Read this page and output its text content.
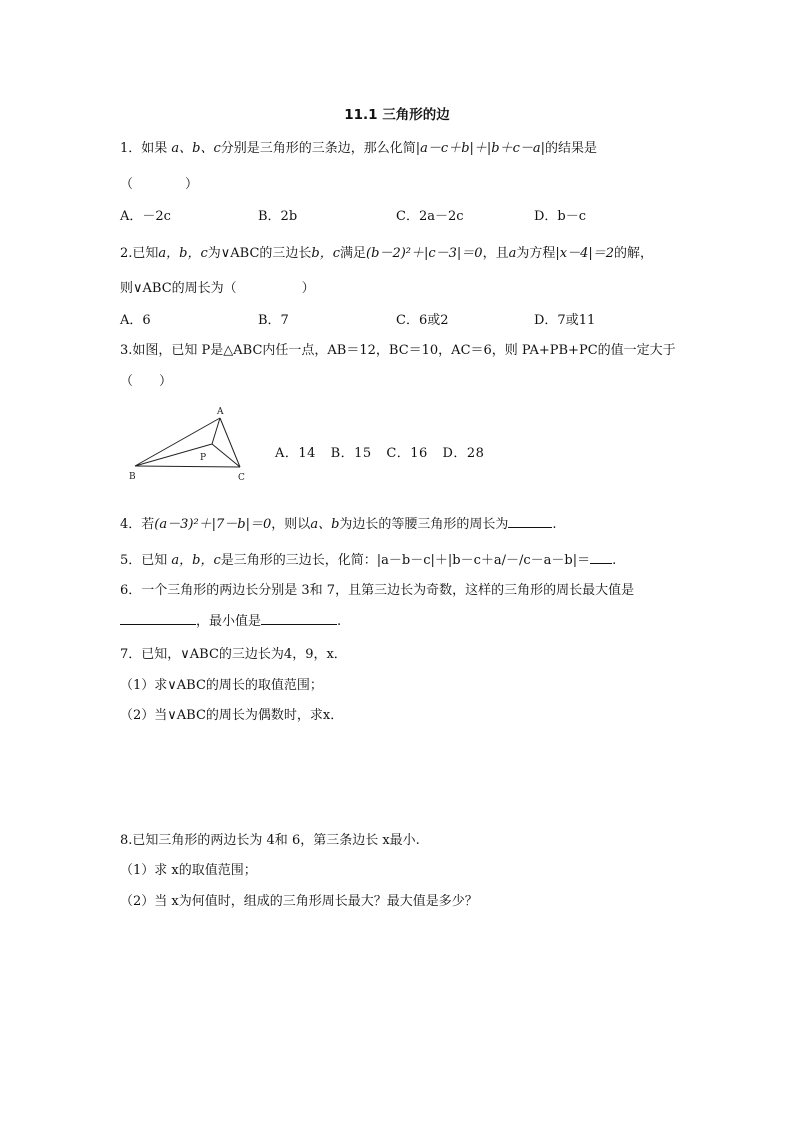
11.1 三角形的边
1．如果 a、b、c分别是三角形的三条边，那么化简|a－c＋b|＋|b＋c－a|的结果是
（　　　　）
A．－2c	B．2b	C．2a－2c	D．b－c
2.已知a，b，c为∨ABC的三边长b，c满足(b－2)²＋|c－3|＝0，且a为方程|x－4|＝2的解，
则∨ABC的周长为（　　　　　）
A．6	B．7	C．6或2	D．7或11
3.如图，已知 P是△ABC内任一点，AB＝12，BC＝10，AC＝6，则 PA+PB+PC的值一定大于
（　　）
A
B	C
P	A．14 B．15 C．16 D．28
4．若(a－3)²＋|7－b|＝0，则以a、b为边长的等腰三角形的周长为	.
5．已知 a，b，c是三角形的三边长，化简：|a－b－c|＋|b－c＋a/－/c－a－b|＝ .
6．一个三角形的两边长分别是 3和 7，且第三边长为奇数，这样的三角形的周长最大值是
，最小值是	.
7．已知，∨ABC的三边长为4，9，x．
（1）求∨ABC的周长的取值范围；
（2）当∨ABC的周长为偶数时，求x．
8.已知三角形的两边长为 4和 6，第三条边长 x最小.
（1）求 x的取值范围；
（2）当 x为何值时，组成的三角形周长最大？最大值是多少？
